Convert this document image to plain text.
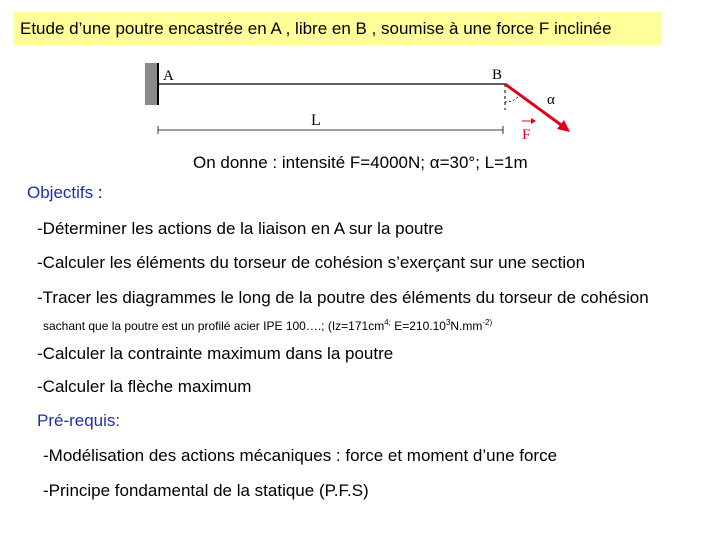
Etude d’une poutre encastrée en A , libre en B , soumise à une force F inclinée
A	B
L
α
F
On donne : intensité F=4000N; α=30°; L=1m
Objectifs :
-Déterminer les actions de la liaison en A sur la poutre
-Calculer les éléments du torseur de cohésion s’exerçant sur une section
-Tracer les diagrammes le long de la poutre des éléments du torseur de cohésion
sachant que la poutre est un profilé acier IPE 100….; ($Iz=171cm^{4;}$ $E=210.10^3N.mm^{-2)}$
-Calculer la contrainte maximum dans la poutre
-Calculer la flèche maximum
Pré-requis:
-Modélisation des actions mécaniques : force et moment d’une force
-Principe fondamental de la statique (P.F.S)
